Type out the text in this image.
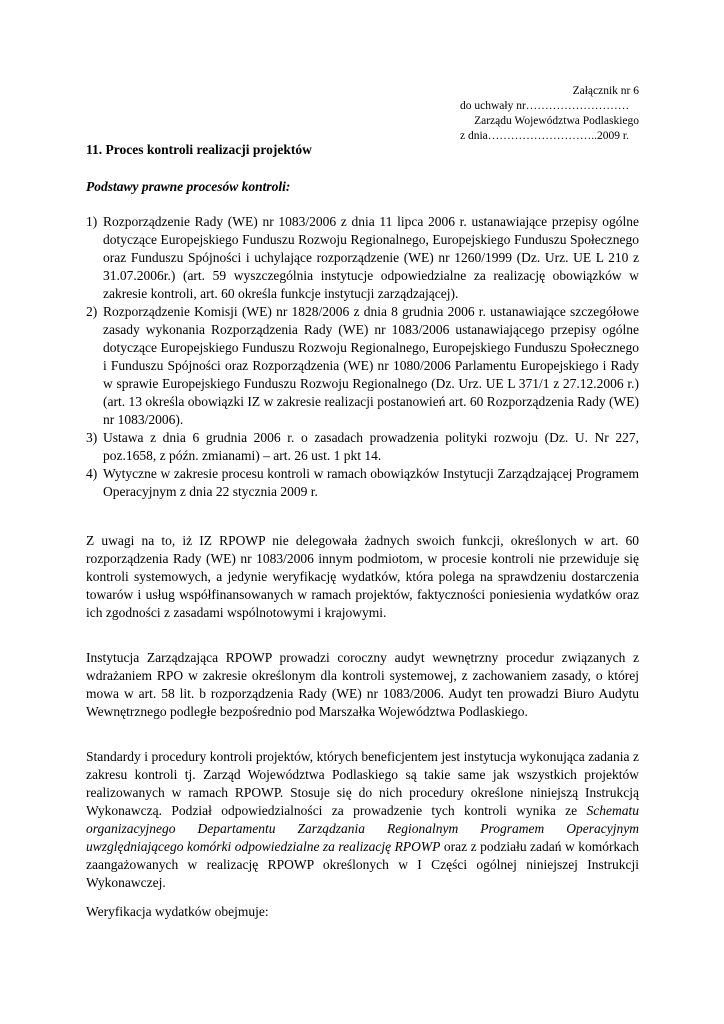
Załącznik nr 6
do uchwały nr………………………
Zarządu Województwa Podlaskiego
z dnia………………………..2009 r.
11. Proces kontroli realizacji projektów
Podstawy prawne procesów kontroli:
1) Rozporządzenie Rady (WE) nr 1083/2006 z dnia 11 lipca 2006 r. ustanawiające przepisy ogólne dotyczące Europejskiego Funduszu Rozwoju Regionalnego, Europejskiego Funduszu Społecznego oraz Funduszu Spójności i uchylające rozporządzenie (WE) nr 1260/1999 (Dz. Urz. UE L 210 z 31.07.2006r.) (art. 59 wyszczególnia instytucje odpowiedzialne za realizację obowiązków w zakresie kontroli, art. 60 określa funkcje instytucji zarządzającej).
2) Rozporządzenie Komisji (WE) nr 1828/2006 z dnia 8 grudnia 2006 r. ustanawiające szczegółowe zasady wykonania Rozporządzenia Rady (WE) nr 1083/2006 ustanawiającego przepisy ogólne dotyczące Europejskiego Funduszu Rozwoju Regionalnego, Europejskiego Funduszu Społecznego i Funduszu Spójności oraz Rozporządzenia (WE) nr 1080/2006 Parlamentu Europejskiego i Rady w sprawie Europejskiego Funduszu Rozwoju Regionalnego (Dz. Urz. UE L 371/1 z 27.12.2006 r.) (art. 13 określa obowiązki IZ w zakresie realizacji postanowień art. 60 Rozporządzenia Rady (WE) nr 1083/2006).
3) Ustawa z dnia 6 grudnia 2006 r. o zasadach prowadzenia polityki rozwoju (Dz. U. Nr 227, poz.1658, z późn. zmianami) – art. 26 ust. 1 pkt 14.
4) Wytyczne w zakresie procesu kontroli w ramach obowiązków Instytucji Zarządzającej Programem Operacyjnym z dnia 22 stycznia 2009 r.
Z uwagi na to, iż IZ RPOWP nie delegowała żadnych swoich funkcji, określonych w art. 60 rozporządzenia Rady (WE) nr 1083/2006 innym podmiotom, w procesie kontroli nie przewiduje się kontroli systemowych, a jedynie weryfikację wydatków, która polega na sprawdzeniu dostarczenia towarów i usług współfinansowanych w ramach projektów, faktyczności poniesienia wydatków oraz ich zgodności z zasadami wspólnotowymi i krajowymi.
Instytucja Zarządzająca RPOWP prowadzi coroczny audyt wewnętrzny procedur związanych z wdrażaniem RPO w zakresie określonym dla kontroli systemowej, z zachowaniem zasady, o której mowa w art. 58 lit. b rozporządzenia Rady (WE) nr 1083/2006. Audyt ten prowadzi Biuro Audytu Wewnętrznego podległe bezpośrednio pod Marszałka Województwa Podlaskiego.
Standardy i procedury kontroli projektów, których beneficjentem jest instytucja wykonująca zadania z zakresu kontroli tj. Zarząd Województwa Podlaskiego są takie same jak wszystkich projektów realizowanych w ramach RPOWP. Stosuje się do nich procedury określone niniejszą Instrukcją Wykonawczą. Podział odpowiedzialności za prowadzenie tych kontroli wynika ze Schematu organizacyjnego Departamentu Zarządzania Regionalnym Programem Operacyjnym uwzględniającego komórki odpowiedzialne za realizację RPOWP oraz z podziału zadań w komórkach zaangażowanych w realizację RPOWP określonych w I Części ogólnej niniejszej Instrukcji Wykonawczej.
Weryfikacja wydatków obejmuje:
